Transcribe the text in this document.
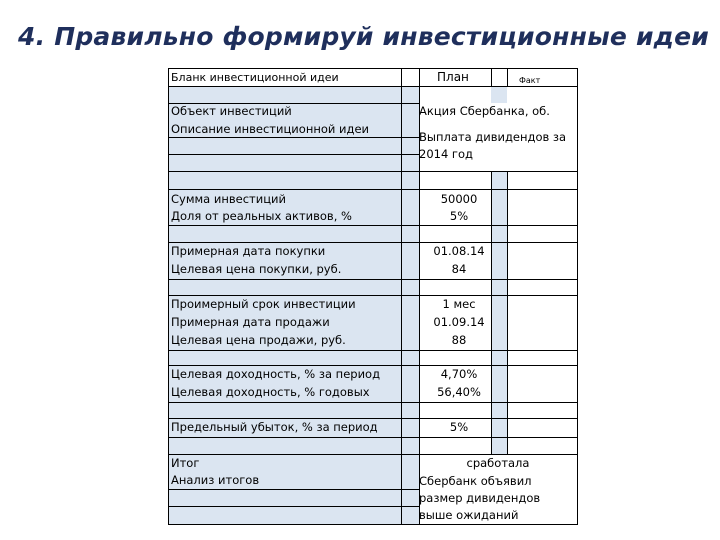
4. Правильно формируй инвестиционные идеи
Бланк инвестиционной идеи	План	Факт
Объект инвестиций
Описание инвестиционной идеи
Сумма инвестиций
Доля от реальных активов, %
Примерная дата покупки
Целевая цена покупки, руб.
Проимерный срок инвестиции
Примерная дата продажи
Целевая цена продажи, руб.
Целевая доходность, % за период
Целевая доходность, % годовых
Предельный убыток, % за период
Итог
Анализ итогов
Акция Сбербанка, об.
Выплата дивидендов за 2014 год
50000
5%
01.08.14
84
1 мес
01.09.14
88
4,70%
56,40%
5%
сработала
Сбербанк объявил размер дивидендов выше ожиданий
